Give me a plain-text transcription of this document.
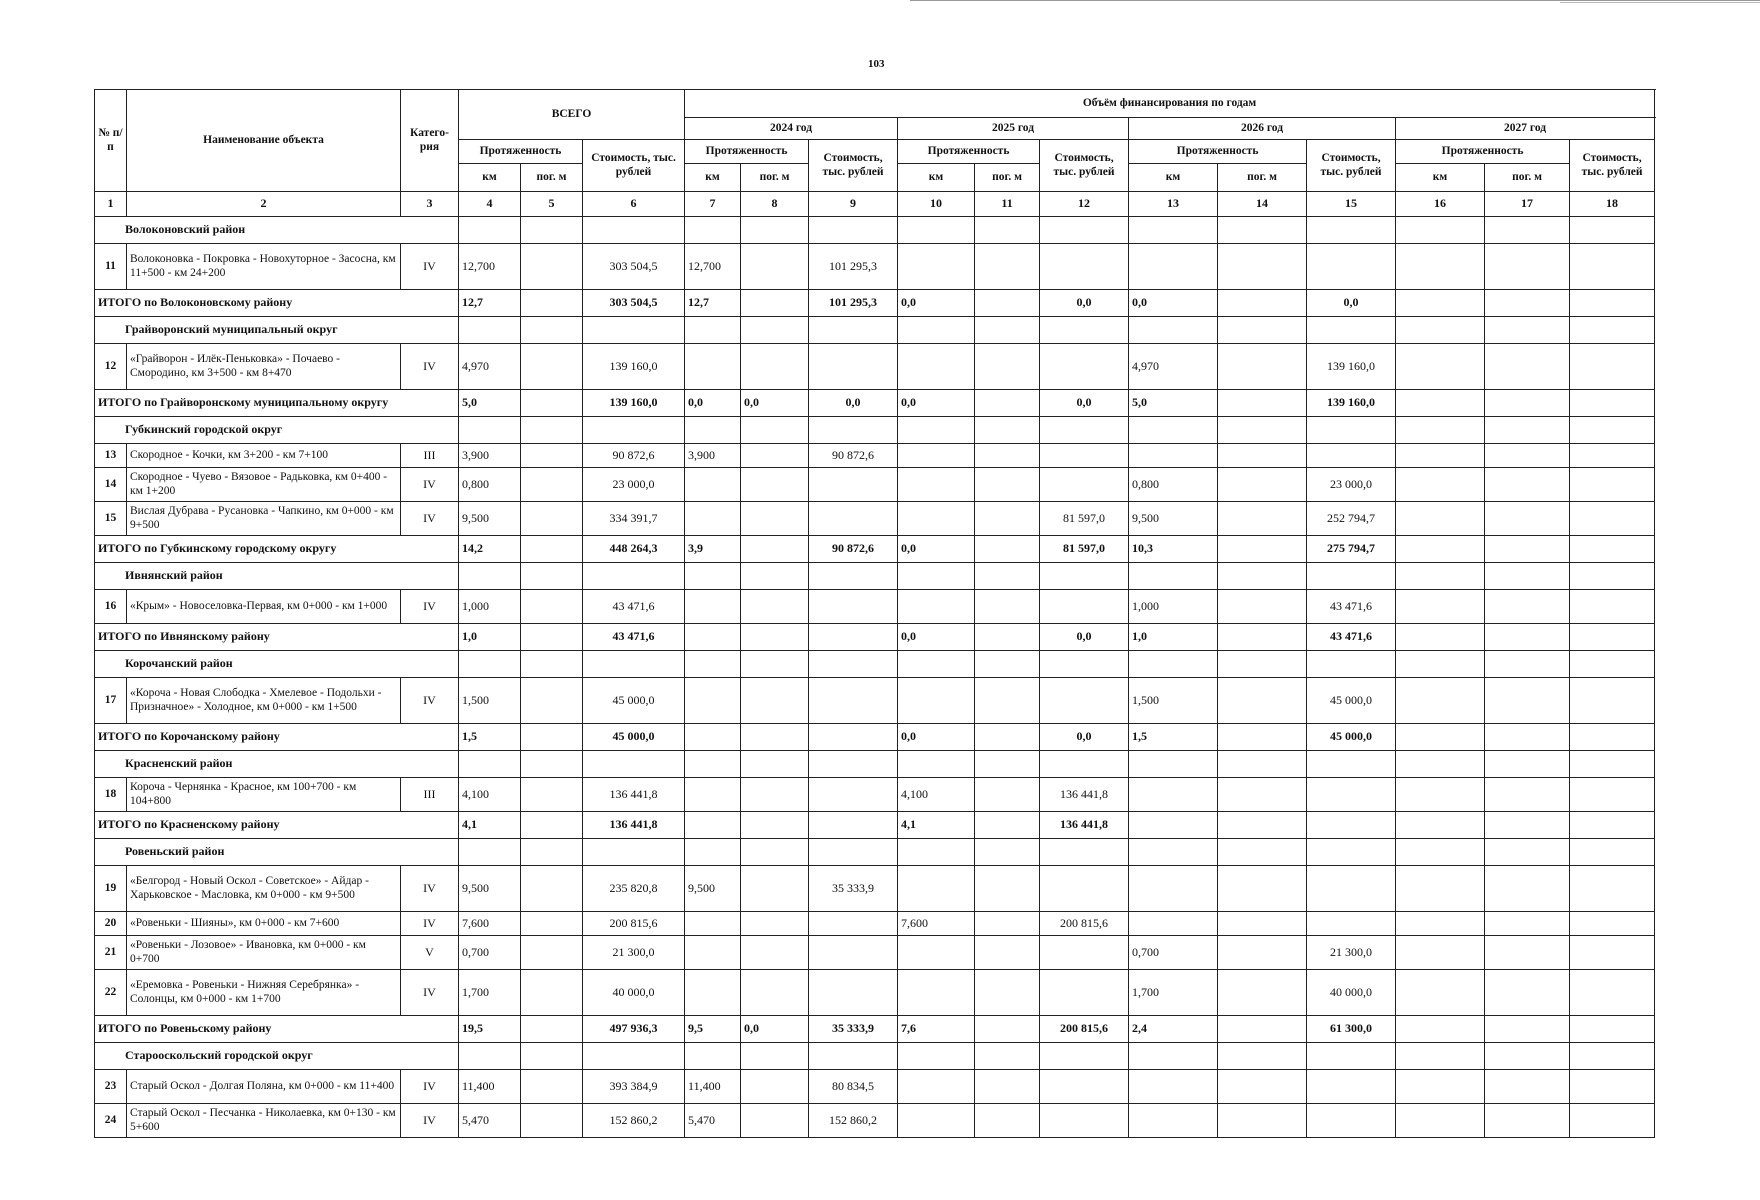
103
№ п/п	Наименование объекта	Катего-рия	ВСЕГО			Объём финансирования по годам												
						2024 год			2025 год			2026 год			2027 год			
			Протяженность		Стоимость, тыс. рублей	Протяженность		Стоимость, тыс. рублей	Протяженность		Стоимость, тыс. рублей	Протяженность		Стоимость, тыс. рублей	Протяженность		Стоимость, тыс. рублей	
			км	пог. м		км	пог. м		км	пог. м		км	пог. м		км	пог. м		
1	2	3	4	5	6	7	8	9	10	11	12	13	14	15	16	17	18	
Волоконовский район																		
11	Волоконовка - Покровка - Новохуторное - Засосна, км 11+500 - км 24+200	IV	12,700		303 504,5	12,700		101 295,3										
ИТОГО по Волоконовскому району			12,7		303 504,5	12,7		101 295,3	0,0		0,0	0,0		0,0				
Грайворонский муниципальный округ																		
12	«Грайворон - Илёк-Пеньковка» - Почаево - Смородино, км 3+500 - км 8+470	IV	4,970		139 160,0							4,970		139 160,0				
ИТОГО по Грайворонскому муниципальному округу			5,0		139 160,0	0,0	0,0	0,0	0,0		0,0	5,0		139 160,0				
Губкинский городской округ																		
13	Скородное - Кочки, км 3+200 - км 7+100	III	3,900		90 872,6	3,900		90 872,6										
14	Скородное - Чуево - Вязовое - Радьковка, км 0+400 - км 1+200	IV	0,800		23 000,0							0,800		23 000,0				
15	Вислая Дубрава - Русановка - Чапкино, км 0+000 - км 9+500	IV	9,500		334 391,7						81 597,0	9,500		252 794,7				
ИТОГО по Губкинскому городскому округу			14,2		448 264,3	3,9		90 872,6	0,0		81 597,0	10,3		275 794,7				
Ивнянский район																		
16	«Крым» - Новоселовка-Первая, км 0+000 - км 1+000	IV	1,000		43 471,6							1,000		43 471,6				
ИТОГО по Ивнянскому району			1,0		43 471,6				0,0		0,0	1,0		43 471,6				
Корочанский район																		
17	«Короча - Новая Слободка - Хмелевое - Подольхи - Призначное» - Холодное, км 0+000 - км 1+500	IV	1,500		45 000,0							1,500		45 000,0				
ИТОГО по Корочанскому району			1,5		45 000,0				0,0		0,0	1,5		45 000,0				
Красненский район																		
18	Короча - Чернянка - Красное, км 100+700 - км 104+800	III	4,100		136 441,8				4,100		136 441,8							
ИТОГО по Красненскому району			4,1		136 441,8				4,1		136 441,8							
Ровеньский район																		
19	«Белгород - Новый Оскол - Советское» - Айдар - Харьковское - Масловка, км 0+000 - км 9+500	IV	9,500		235 820,8	9,500		35 333,9										
20	«Ровеньки - Шияны», км 0+000 - км 7+600	IV	7,600		200 815,6				7,600		200 815,6							
21	«Ровеньки - Лозовое» - Ивановка, км 0+000 - км 0+700	V	0,700		21 300,0							0,700		21 300,0				
22	«Еремовка - Ровеньки - Нижняя Серебрянка» - Солонцы, км 0+000 - км 1+700	IV	1,700		40 000,0							1,700		40 000,0				
ИТОГО по Ровеньскому району			19,5		497 936,3	9,5	0,0	35 333,9	7,6		200 815,6	2,4		61 300,0				
Старооскольский городской округ																		
23	Старый Оскол - Долгая Поляна, км 0+000 - км 11+400	IV	11,400		393 384,9	11,400		80 834,5										
24	Старый Оскол - Песчанка - Николаевка, км 0+130 - км 5+600	IV	5,470		152 860,2	5,470		152 860,2										
